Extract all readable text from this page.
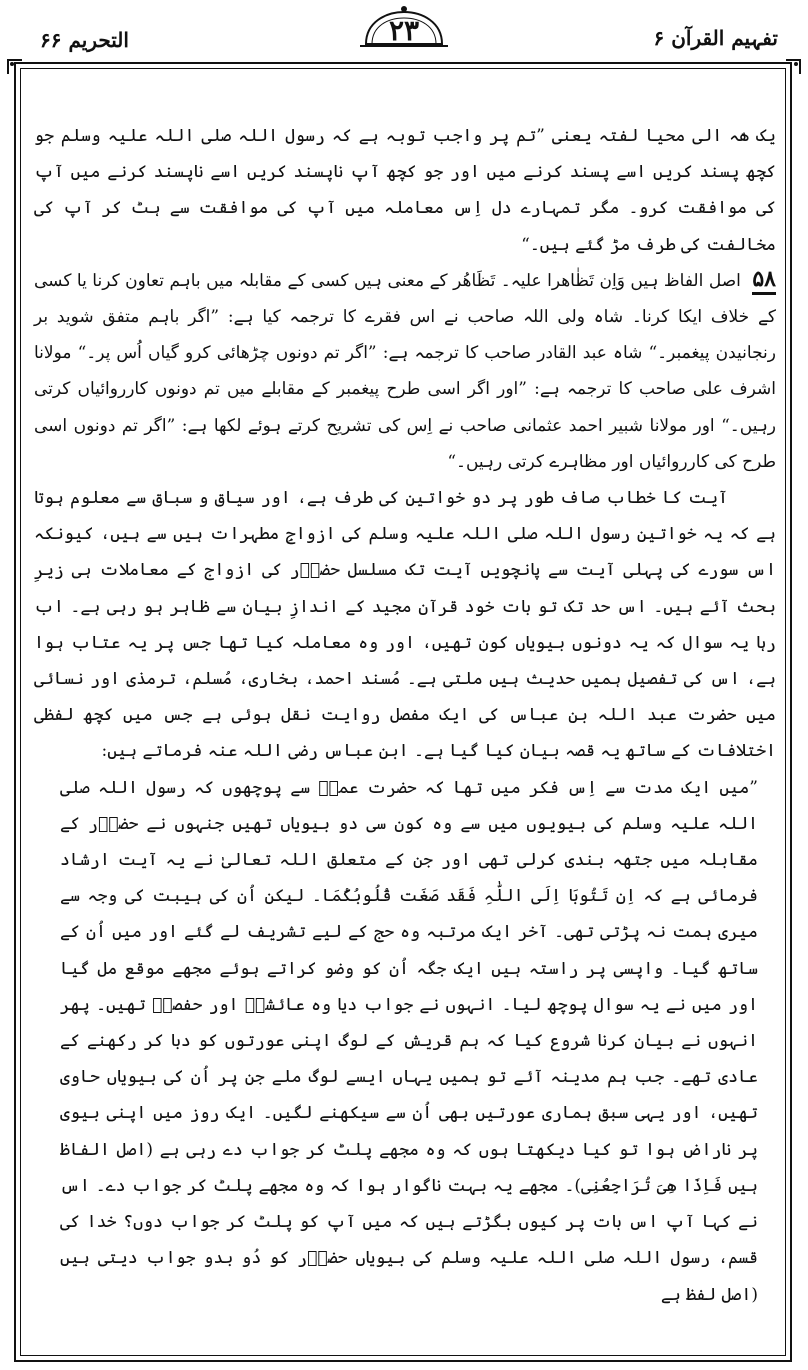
تفہیم القرآن ۶
۲۳
التحریم ۶۶

یک ھٰہ الی محیا لفتہ یعنی ”تم پر واجب توبہ ہے کہ رسول اللہ صلی اللہ علیہ وسلم جو کچھ پسند کریں اسے پسند کرنے میں اور جو کچھ آپ ناپسند کریں اسے ناپسند کرنے میں آپ کی موافقت کرو۔ مگر تمہارے دل اِس معاملہ میں آپ کی موافقت سے ہٹ کر آپ کی مخالفت کی طرف مڑ گئے ہیں۔“

۵۸ اصل الفاظ ہیں وَاِن تَظٰاھرا علیہ۔ تَظَاھُر کے معنی ہیں کسی کے مقابلہ میں باہم تعاون کرنا یا کسی کے خلاف ایکا کرنا۔ شاہ ولی اللہ صاحب نے اس فقرے کا ترجمہ کیا ہے: ”اگر باہم متفق شوید بر رنجانیدن پیغمبر۔“ شاہ عبد القادر صاحب کا ترجمہ ہے: ”اگر تم دونوں چڑھائی کرو گیاں اُس پر۔“ مولانا اشرف علی صاحب کا ترجمہ ہے: ”اور اگر اسی طرح پیغمبر کے مقابلے میں تم دونوں کارروائیاں کرتی رہیں۔“ اور مولانا شبیر احمد عثمانی صاحب نے اِس کی تشریح کرتے ہوئے لکھا ہے: ”اگر تم دونوں اسی طرح کی کارروائیاں اور مظاہرے کرتی رہیں۔“

آیت کا خطاب صاف طور پر دو خواتین کی طرف ہے، اور سیاق و سباق سے معلوم ہوتا ہے کہ یہ خواتین رسول اللہ صلی اللہ علیہ وسلم کی ازواجِ مطہرات ہیں سے ہیں، کیونکہ اس سورے کی پہلی آیت سے پانچویں آیت تک مسلسل حضوؐر کی ازواج کے معاملات ہی زیرِ بحث آئے ہیں۔ اس حد تک تو بات خود قرآن مجید کے اندازِ بیان سے ظاہر ہو رہی ہے۔ اب رہا یہ سوال کہ یہ دونوں بیویاں کون تھیں، اور وہ معاملہ کیا تھا جس پر یہ عتاب ہوا ہے، اس کی تفصیل ہمیں حدیث ہیں ملتی ہے۔ مُسند احمد، بخاری، مُسلم، ترمذی اور نسائی میں حضرت عبد اللہ بن عباس کی ایک مفصل روایت نقل ہوئی ہے جس میں کچھ لفظی اختلافات کے ساتھ یہ قصہ بیان کیا گیا ہے۔ ابن عباس رضی اللہ عنہ فرماتے ہیں:

”میں ایک مدت سے اِس فکر میں تھا کہ حضرت عمرؓ سے پوچھوں کہ رسول اللہ صلی اللہ علیہ وسلم کی بیویوں میں سے وہ کون سی دو بیویاں تھیں جنہوں نے حضوؐر کے مقابلہ میں جتھہ بندی کرلی تھی اور جن کے متعلق اللہ تعالیٰ نے یہ آیت ارشاد فرمائی ہے کہ اِن تَتُوبَا اِلَی اللّٰہِ فَقَد صَغَت قُلُوبُکُمَا۔ لیکن اُن کی ہیبت کی وجہ سے میری ہمت نہ پڑتی تھی۔ آخر ایک مرتبہ وہ حج کے لیے تشریف لے گئے اور میں اُن کے ساتھ گیا۔ واپسی پر راستہ ہیں ایک جگہ اُن کو وضو کراتے ہوئے مجھے موقع مل گیا اور میں نے یہ سوال پوچھ لیا۔ انہوں نے جواب دیا وہ عائشہؓ اور حفصہؓ تھیں۔ پھر انہوں نے بیان کرنا شروع کیا کہ ہم قریش کے لوگ اپنی عورتوں کو دبا کر رکھنے کے عادی تھے۔ جب ہم مدینہ آئے تو ہمیں یہاں ایسے لوگ ملے جن پر اُن کی بیویاں حاوی تھیں، اور یہی سبق ہماری عورتیں بھی اُن سے سیکھنے لگیں۔ ایک روز میں اپنی بیوی پر ناراض ہوا تو کیا دیکھتا ہوں کہ وہ مجھے پلٹ کر جواب دے رہی ہے (اصل الفاظ ہیں فَاِذَا ھِیَ تُرَاجِعُنِی)۔ مجھے یہ بہت ناگوار ہوا کہ وہ مجھے پلٹ کر جواب دے۔ اس نے کہا آپ اس بات پر کیوں بگڑتے ہیں کہ میں آپ کو پلٹ کر جواب دوں؟ خدا کی قسم، رسول اللہ صلی اللہ علیہ وسلم کی بیویاں حضوؐر کو دُو بدو جواب دیتی ہیں (اصل لفظ ہے
